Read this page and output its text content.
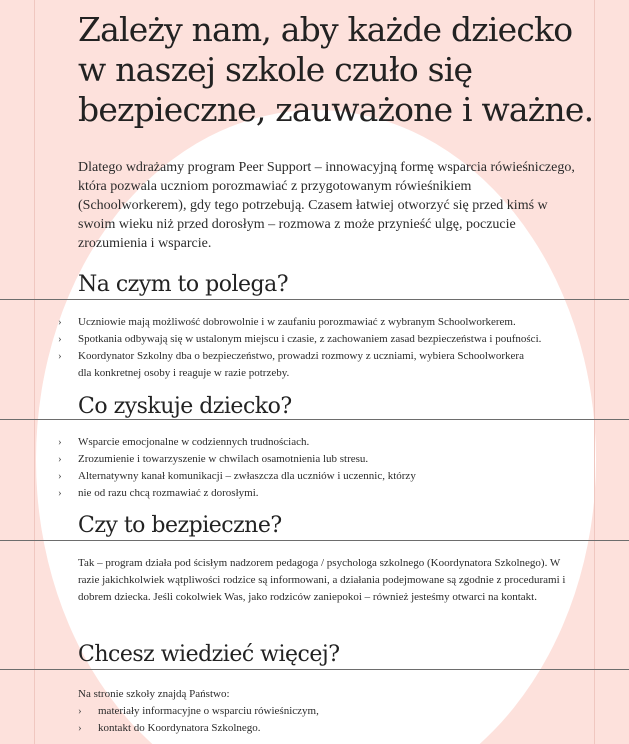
Zależy nam, aby każde dziecko w naszej szkole czuło się bezpieczne, zauważone i ważne.

Dlatego wdrażamy program Peer Support – innowacyjną formę wsparcia rówieśniczego, która pozwala uczniom porozmawiać z przygotowanym rówieśnikiem (Schoolworkerem), gdy tego potrzebują. Czasem łatwiej otworzyć się przed kimś w swoim wieku niż przed dorosłym – rozmowa z może przynieść ulgę, poczucie zrozumienia i wsparcie.

Na czym to polega?
Co zyskuje dziecko?
Czy to bezpieczne?
Chcesz wiedzieć więcej?
› Uczniowie mają możliwość dobrowolnie i w zaufaniu porozmawiać z wybranym Schoolworkerem.
› Spotkania odbywają się w ustalonym miejscu i czasie, z zachowaniem zasad bezpieczeństwa i poufności.
› Koordynator Szkolny dba o bezpieczeństwo, prowadzi rozmowy z uczniami, wybiera Schoolworkera
dla konkretnej osoby i reaguje w razie potrzeby.
› Wsparcie emocjonalne w codziennych trudnościach.
› Zrozumienie i towarzyszenie w chwilach osamotnienia lub stresu.
› Alternatywny kanał komunikacji – zwłaszcza dla uczniów i uczennic, którzy
› nie od razu chcą rozmawiać z dorosłymi.

Tak – program działa pod ścisłym nadzorem pedagoga / psychologa szkolnego (Koordynatora Szkolnego). W razie jakichkolwiek wątpliwości rodzice są informowani, a działania podejmowane są zgodnie z procedurami i dobrem dziecka. Jeśli cokolwiek Was, jako rodziców zaniepokoi – również jesteśmy otwarci na kontakt.

Na stronie szkoły znajdą Państwo:

› materiały informacyjne o wsparciu rówieśniczym,
› kontakt do Koordynatora Szkolnego.
